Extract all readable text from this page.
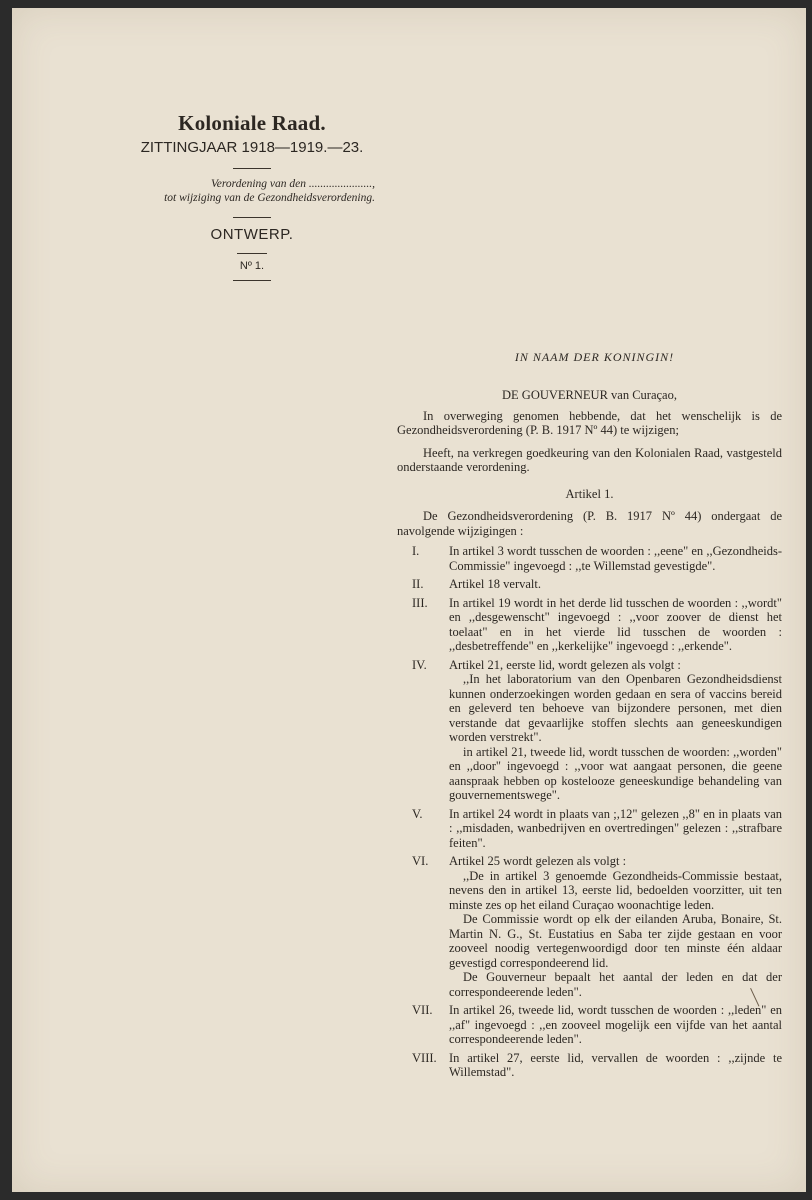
Koloniale Raad.
ZITTINGJAAR 1918—1919.—23.
Verordening van den ......................,
tot wijziging van de Gezondheidsverordening.
ONTWERP.
Nº 1.
IN NAAM DER KONINGIN!
DE GOUVERNEUR van Curaçao,
In overweging genomen hebbende, dat het wenschelijk is de Gezondheidsverordening (P. B. 1917 Nº 44) te wijzigen;
Heeft, na verkregen goedkeuring van den Kolonialen Raad, vastgesteld onderstaande verordening.
Artikel 1.
De Gezondheidsverordening (P. B. 1917 Nº 44) ondergaat de navolgende wijzigingen :
I.	In artikel 3 wordt tusschen de woorden : ,,eene" en ,,Gezondheids-Commissie" ingevoegd : ,,te Willemstad gevestigde".
II.	Artikel 18 vervalt.
III.	In artikel 19 wordt in het derde lid tusschen de woorden : ,,wordt" en ,,desgewenscht" ingevoegd : ,,voor zoover de dienst het toelaat" en in het vierde lid tusschen de woorden : ,,desbetreffende" en ,,kerkelijke" ingevoegd : ,,erkende".
IV.	Artikel 21, eerste lid, wordt gelezen als volgt :
,,In het laboratorium van den Openbaren Gezondheidsdienst kunnen onderzoekingen worden gedaan en sera of vaccins bereid en geleverd ten behoeve van bijzondere personen, met dien verstande dat gevaarlijke stoffen slechts aan geneeskundigen worden verstrekt".
in artikel 21, tweede lid, wordt tusschen de woorden: ,,worden" en ,,door" ingevoegd : ,,voor wat aangaat personen, die geene aanspraak hebben op kostelooze geneeskundige behandeling van gouvernementswege".
V.	In artikel 24 wordt in plaats van ;,12" gelezen ,,8" en in plaats van : ,,misdaden, wanbedrijven en overtredingen" gelezen : ,,strafbare feiten".
VI.	Artikel 25 wordt gelezen als volgt :
,,De in artikel 3 genoemde Gezondheids-Commissie bestaat, nevens den in artikel 13, eerste lid, bedoelden voorzitter, uit ten minste zes op het eiland Curaçao woonachtige leden.
De Commissie wordt op elk der eilanden Aruba, Bonaire, St. Martin N. G., St. Eustatius en Saba ter zijde gestaan en voor zooveel noodig vertegenwoordigd door ten minste één aldaar gevestigd correspondeerend lid.
De Gouverneur bepaalt het aantal der leden en dat der correspondeerende leden".
VII.	In artikel 26, tweede lid, wordt tusschen de woorden : ,,leden" en ,,af" ingevoegd : ,,en zooveel mogelijk een vijfde van het aantal correspondeerende leden".
VIII. In artikel 27, eerste lid, vervallen de woorden : ,,zijnde te Willemstad".
